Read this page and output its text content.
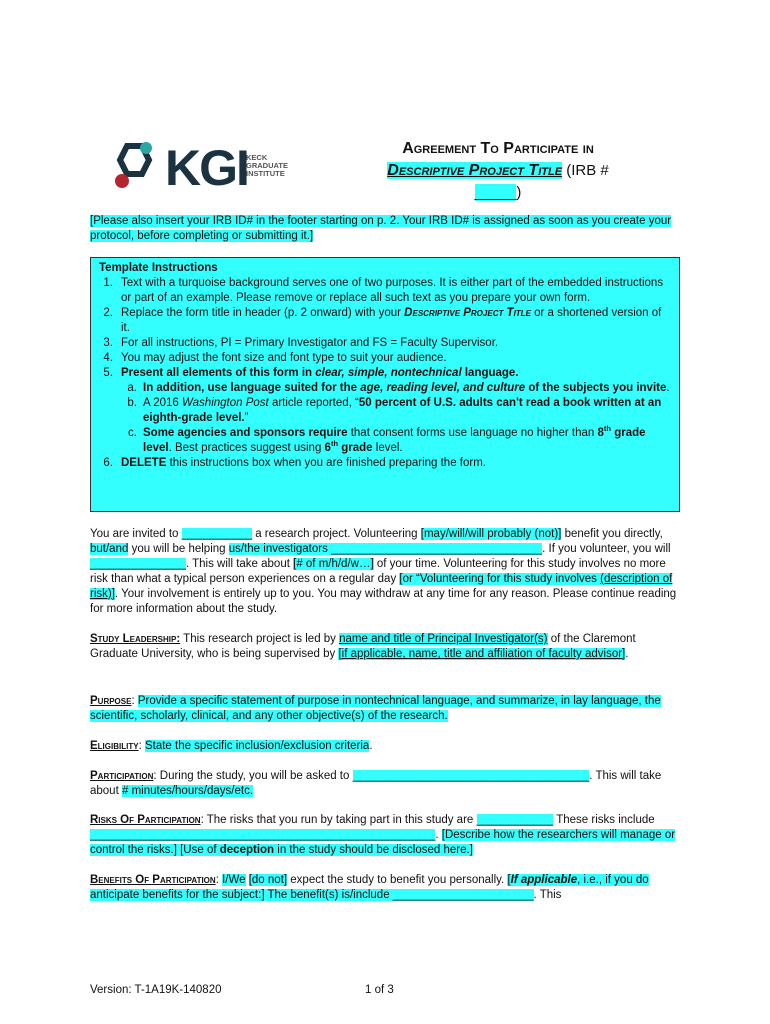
KGI
KECK
GRADUATE
INSTITUTE
Agreement To Participate in
Descriptive Project Title (IRB #
_____)
[Please also insert your IRB ID# in the footer starting on p. 2. Your IRB ID# is assigned as soon as you create your protocol, before completing or submitting it.]
Template Instructions
1. Text with a turquoise background serves one of two purposes. It is either part of the embedded instructions or part of an example. Please remove or replace all such text as you prepare your own form.
2. Replace the form title in header (p. 2 onward) with your Descriptive Project Title or a shortened version of it.
3. For all instructions, PI = Primary Investigator and FS = Faculty Supervisor.
4. You may adjust the font size and font type to suit your audience.
5. Present all elements of this form in clear, simple, nontechnical language.
a. In addition, use language suited for the age, reading level, and culture of the subjects you invite.
b. A 2016 Washington Post article reported, “50 percent of U.S. adults can't read a book written at an eighth-grade level.”
c. Some agencies and sponsors require that consent forms use language no higher than 8th grade level. Best practices suggest using 6th grade level.
6. DELETE this instructions box when you are finished preparing the form.
You are invited to ___________ a research project. Volunteering [may/will/will probably (not)] benefit you directly, but/and you will be helping us/the investigators _________________________________. If you volunteer, you will _______________. This will take about [# of m/h/d/w…] of your time. Volunteering for this study involves no more risk than what a typical person experiences on a regular day [or “Volunteering for this study involves (description of risk)]. Your involvement is entirely up to you. You may withdraw at any time for any reason. Please continue reading for more information about the study.
Study Leadership: This research project is led by name and title of Principal Investigator(s) of the Claremont Graduate University, who is being supervised by [if applicable, name, title and affiliation of faculty advisor].
Purpose: Provide a specific statement of purpose in nontechnical language, and summarize, in lay language, the scientific, scholarly, clinical, and any other objective(s) of the research.
Eligibility: State the specific inclusion/exclusion criteria.
Participation: During the study, you will be asked to _____________________________________. This will take about # minutes/hours/days/etc.
Risks Of Participation: The risks that you run by taking part in this study are ____________ These risks include ______________________________________________________. [Describe how the researchers will manage or control the risks.] [Use of deception in the study should be disclosed here.]
Benefits Of Participation: I/We [do not] expect the study to benefit you personally. [If applicable, i.e., if you do anticipate benefits for the subject:] The benefit(s) is/include ______________________. This
Version: T-1A19K-140820	1 of 3
